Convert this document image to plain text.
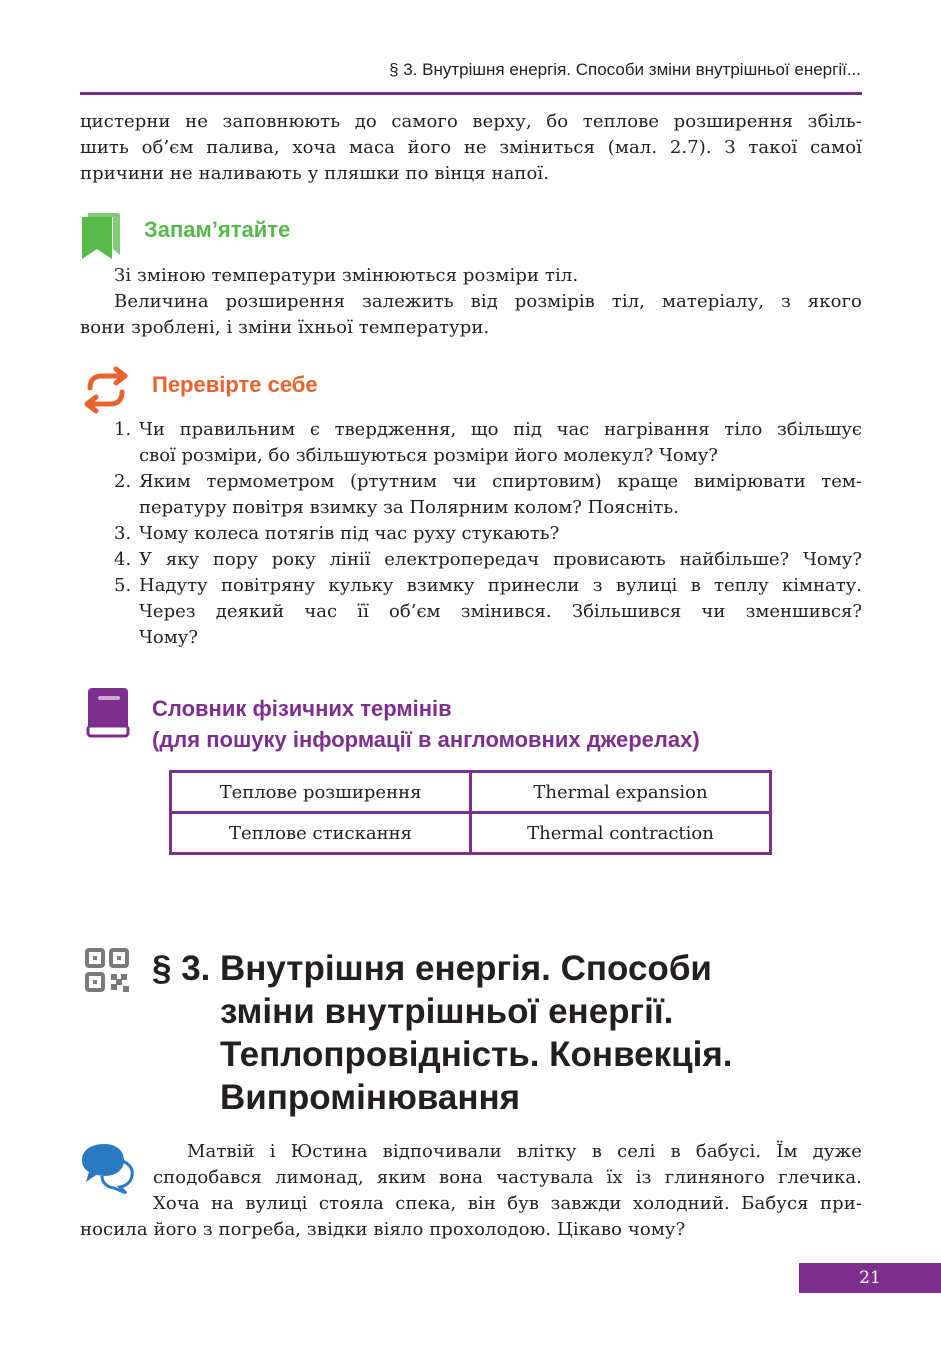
§ 3. Внутрішня енергія. Способи зміни внутрішньої енергії...
цистерни не заповнюють до самого верху, бо теплове розширення збіль-
шить об’єм палива, хоча маса його не зміниться (мал. 2.7). З такої самої
причини не наливають у пляшки по вінця напої.
Запам’ятайте
Зі зміною температури змінюються розміри тіл.
Величина розширення залежить від розмірів тіл, матеріалу, з якого
вони зроблені, і зміни їхньої температури.
Перевірте себе
1. Чи правильним є твердження, що під час нагрівання тіло збільшує
свої розміри, бо збільшуються розміри його молекул? Чому?
2. Яким термометром (ртутним чи спиртовим) краще вимірювати тем-
пературу повітря взимку за Полярним колом? Поясніть.
3. Чому колеса потягів під час руху стукають?
4. У яку пору року лінії електропередач провисають найбільше? Чому?
5. Надуту повітряну кульку взимку принесли з вулиці в теплу кімнату.
Через деякий час її об’єм змінився. Збільшився чи зменшився?
Чому?
Словник фізичних термінів
(для пошуку інформації в англомовних джерелах)
Теплове розширення	Thermal expansion
Теплове стискання	Thermal contraction
§ 3. Внутрішня енергія. Способи
зміни внутрішньої енергії.
Теплопровідність. Конвекція.
Випромінювання
Матвій і Юстина відпочивали влітку в селі в бабусі. Їм дуже
сподобався лимонад, яким вона частувала їх із глиняного глечика.
Хоча на вулиці стояла спека, він був завжди холодний. Бабуся при-
носила його з погреба, звідки віяло прохолодою. Цікаво чому?
21
